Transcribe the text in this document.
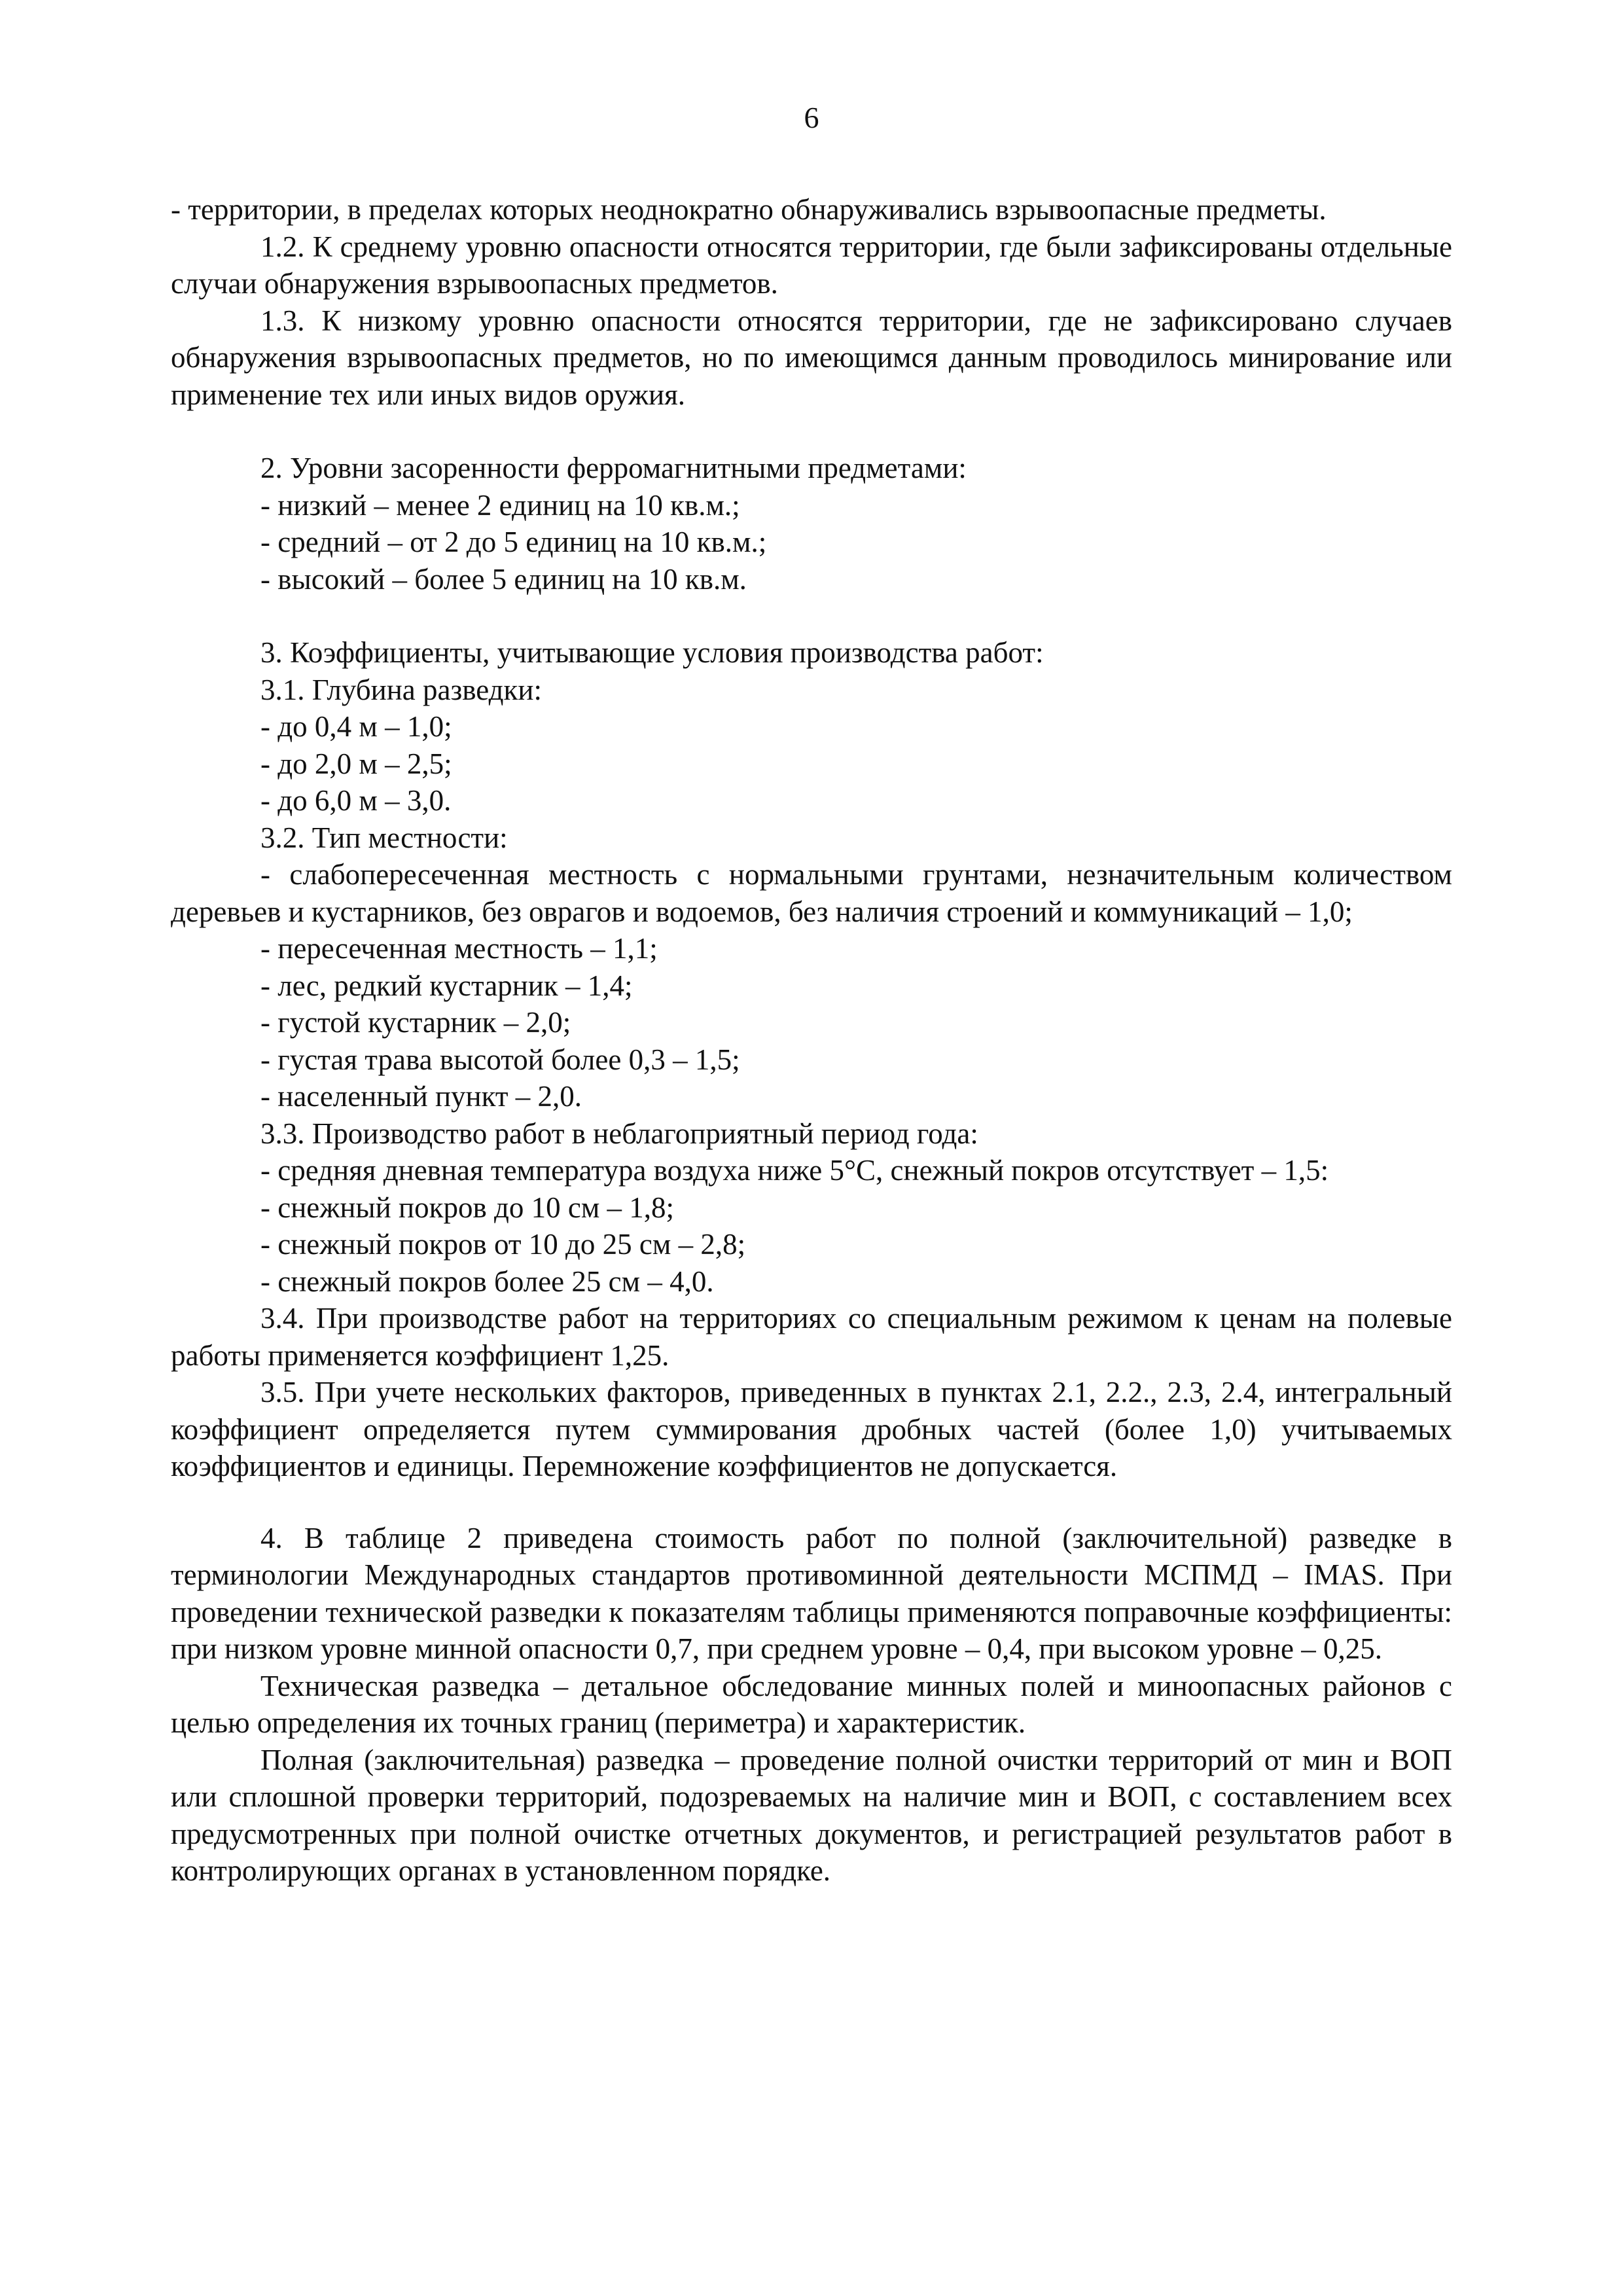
6

- территории, в пределах которых неоднократно обнаруживались взрывоопасные предметы.

1.2. К среднему уровню опасности относятся территории, где были зафиксированы отдельные случаи обнаружения взрывоопасных предметов.

1.3. К низкому уровню опасности относятся территории, где не зафиксировано случаев обнаружения взрывоопасных предметов, но по имеющимся данным проводилось минирование или применение тех или иных видов оружия.

2. Уровни засоренности ферромагнитными предметами:

- низкий – менее 2 единиц на 10 кв.м.;

- средний – от 2 до 5 единиц на 10 кв.м.;

- высокий – более 5 единиц на 10 кв.м.

3. Коэффициенты, учитывающие условия производства работ:

3.1. Глубина разведки:

- до 0,4 м – 1,0;

- до 2,0 м – 2,5;

- до 6,0 м – 3,0.

3.2. Тип местности:

- слабопересеченная местность с нормальными грунтами, незначительным количеством деревьев и кустарников, без оврагов и водоемов, без наличия строений и коммуникаций – 1,0;

- пересеченная местность – 1,1;

- лес, редкий кустарник – 1,4;

- густой кустарник – 2,0;

- густая трава высотой более 0,3 – 1,5;

- населенный пункт – 2,0.

3.3. Производство работ в неблагоприятный период года:

- средняя дневная температура воздуха ниже 5°С, снежный покров отсутствует – 1,5:

- снежный покров до 10 см – 1,8;

- снежный покров от 10 до 25 см – 2,8;

- снежный покров более 25 см – 4,0.

3.4. При производстве работ на территориях со специальным режимом к ценам на полевые работы применяется коэффициент 1,25.

3.5. При учете нескольких факторов, приведенных в пунктах 2.1, 2.2., 2.3, 2.4, интегральный коэффициент определяется путем суммирования дробных частей (более 1,0) учитываемых коэффициентов и единицы. Перемножение коэффициентов не допускается.

4. В таблице 2 приведена стоимость работ по полной (заключительной) разведке в терминологии Международных стандартов противоминной деятельности МСПМД – IMAS. При проведении технической разведки к показателям таблицы применяются поправочные коэффициенты: при низком уровне минной опасности 0,7, при среднем уровне – 0,4, при высоком уровне – 0,25.

Техническая разведка – детальное обследование минных полей и миноопасных районов с целью определения их точных границ (периметра) и характеристик.

Полная (заключительная) разведка – проведение полной очистки территорий от мин и ВОП или сплошной проверки территорий, подозреваемых на наличие мин и ВОП, с составлением всех предусмотренных при полной очистке отчетных документов, и регистрацией результатов работ в контролирующих органах в установленном порядке.
